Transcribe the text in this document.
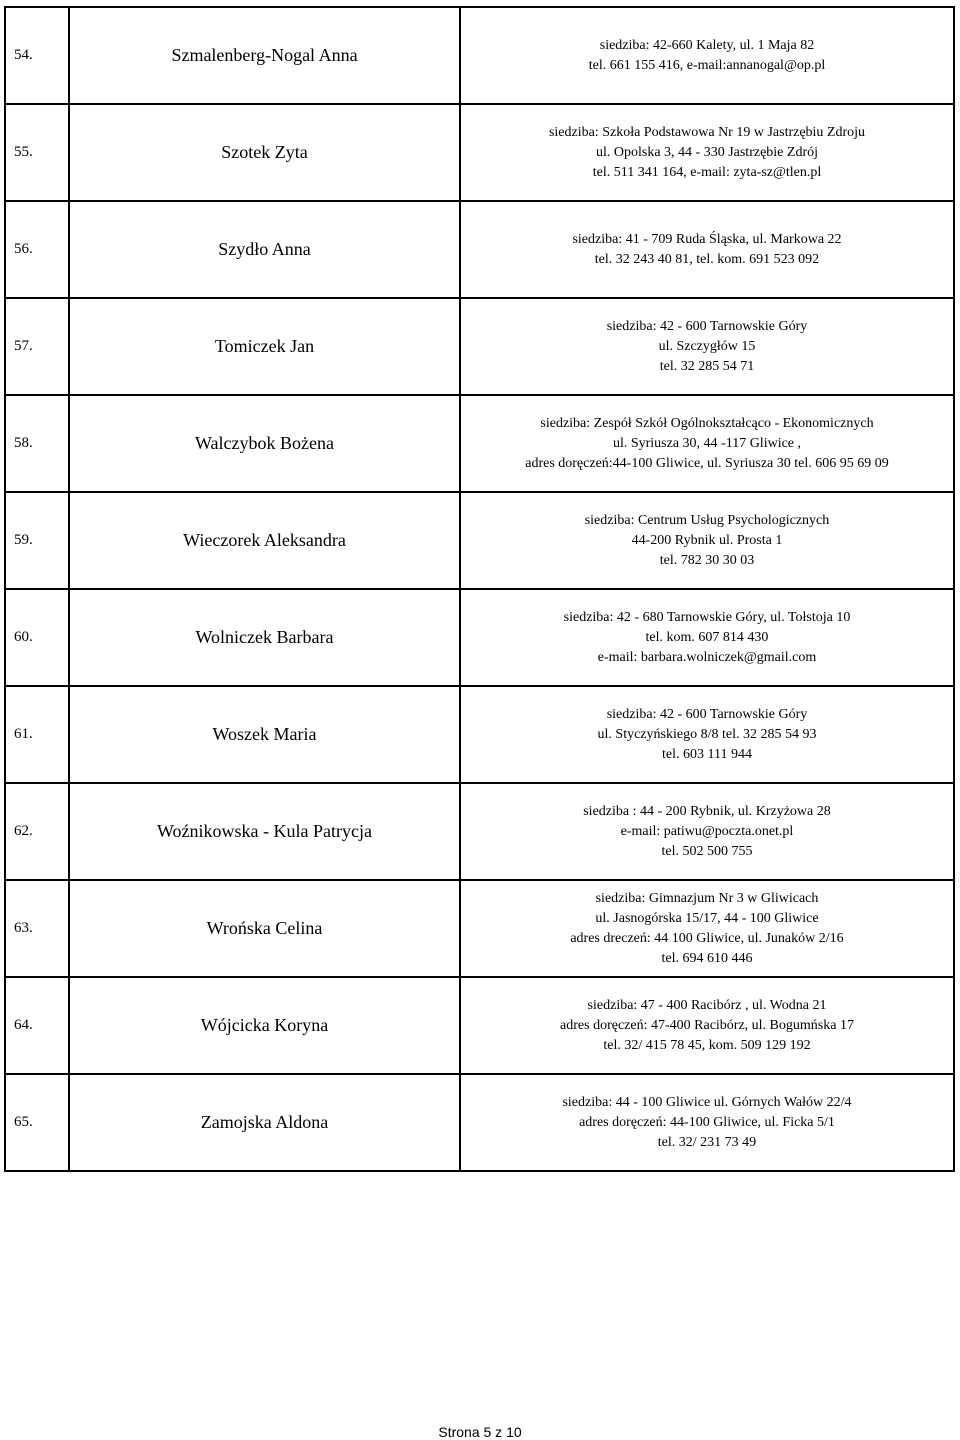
54.	Szmalenberg-Nogal Anna	siedziba: 42-660 Kalety, ul. 1 Maja 82
tel. 661 155 416, e-mail:annanogal@op.pl

55.	Szotek Zyta	siedziba: Szkoła Podstawowa Nr 19 w Jastrzębiu Zdroju
ul. Opolska 3, 44 - 330 Jastrzębie Zdrój
tel. 511 341 164, e-mail: zyta-sz@tlen.pl

56.	Szydło Anna	siedziba: 41 - 709 Ruda Śląska, ul. Markowa 22
tel. 32 243 40 81, tel. kom. 691 523 092

57.	Tomiczek Jan	siedziba: 42 - 600 Tarnowskie Góry
ul. Szczygłów 15
tel. 32 285 54 71

58.	Walczybok Bożena	siedziba: Zespół Szkół Ogólnokształcąco - Ekonomicznych
ul. Syriusza 30, 44 -117 Gliwice ,
adres doręczeń:44-100 Gliwice, ul. Syriusza 30 tel. 606 95 69 09

59.	Wieczorek Aleksandra	siedziba: Centrum Usług Psychologicznych
44-200 Rybnik ul. Prosta 1
tel. 782 30 30 03

60.	Wolniczek Barbara	siedziba: 42 - 680 Tarnowskie Góry, ul. Tołstoja 10
tel. kom. 607 814 430
e-mail: barbara.wolniczek@gmail.com

61.	Woszek Maria	siedziba: 42 - 600 Tarnowskie Góry
ul. Styczyńskiego 8/8 tel. 32 285 54 93
tel. 603 111 944

62.	Woźnikowska - Kula Patrycja	siedziba : 44 - 200 Rybnik, ul. Krzyżowa 28
e-mail: patiwu@poczta.onet.pl
tel. 502 500 755

63.	Wrońska Celina	siedziba: Gimnazjum Nr 3 w Gliwicach
ul. Jasnogórska 15/17, 44 - 100 Gliwice
adres dreczeń: 44 100 Gliwice, ul. Junaków 2/16
tel. 694 610 446

64.	Wójcicka Koryna	siedziba: 47 - 400 Racibórz , ul. Wodna 21
adres doręczeń: 47-400 Racibórz, ul. Bogumńska 17
tel. 32/ 415 78 45, kom. 509 129 192

65.	Zamojska Aldona	siedziba: 44 - 100 Gliwice ul. Górnych Wałów 22/4
adres doręczeń: 44-100 Gliwice, ul. Ficka 5/1
tel. 32/ 231 73 49
Strona 5 z 10
